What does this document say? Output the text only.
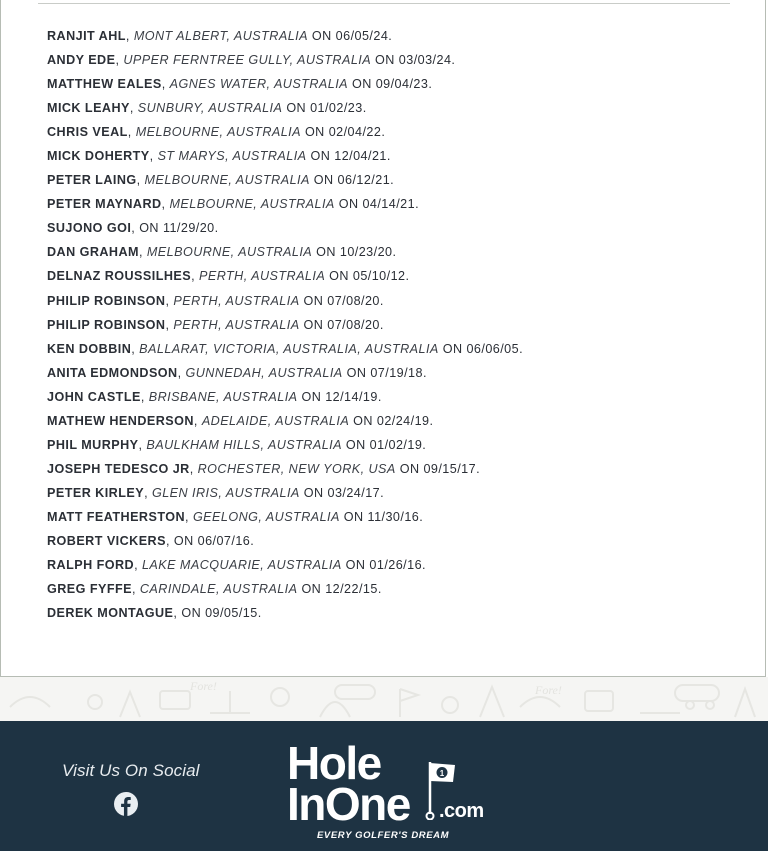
RANJIT AHL, MONT ALBERT, AUSTRALIA ON 06/05/24.
ANDY EDE, UPPER FERNTREE GULLY, AUSTRALIA ON 03/03/24.
MATTHEW EALES, AGNES WATER, AUSTRALIA ON 09/04/23.
MICK LEAHY, SUNBURY, AUSTRALIA ON 01/02/23.
CHRIS VEAL, MELBOURNE, AUSTRALIA ON 02/04/22.
MICK DOHERTY, ST MARYS, AUSTRALIA ON 12/04/21.
PETER LAING, MELBOURNE, AUSTRALIA ON 06/12/21.
PETER MAYNARD, MELBOURNE, AUSTRALIA ON 04/14/21.
SUJONO GOI, ON 11/29/20.
DAN GRAHAM, MELBOURNE, AUSTRALIA ON 10/23/20.
DELNAZ ROUSSILHES, PERTH, AUSTRALIA ON 05/10/12.
PHILIP ROBINSON, PERTH, AUSTRALIA ON 07/08/20.
PHILIP ROBINSON, PERTH, AUSTRALIA ON 07/08/20.
KEN DOBBIN, BALLARAT, VICTORIA, AUSTRALIA, AUSTRALIA ON 06/06/05.
ANITA EDMONDSON, GUNNEDAH, AUSTRALIA ON 07/19/18.
JOHN CASTLE, BRISBANE, AUSTRALIA ON 12/14/19.
MATHEW HENDERSON, ADELAIDE, AUSTRALIA ON 02/24/19.
PHIL MURPHY, BAULKHAM HILLS, AUSTRALIA ON 01/02/19.
JOSEPH TEDESCO JR, ROCHESTER, NEW YORK, USA ON 09/15/17.
PETER KIRLEY, GLEN IRIS, AUSTRALIA ON 03/24/17.
MATT FEATHERSTON, GEELONG, AUSTRALIA ON 11/30/16.
ROBERT VICKERS, ON 06/07/16.
RALPH FORD, LAKE MACQUARIE, AUSTRALIA ON 01/26/16.
GREG FYFFE, CARINDALE, AUSTRALIA ON 12/22/15.
DEREK MONTAGUE, ON 09/05/15.
Fore!	Fore!
Visit Us On Social Hole
InOne
1
.com
EVERY GOLFER'S DREAM
